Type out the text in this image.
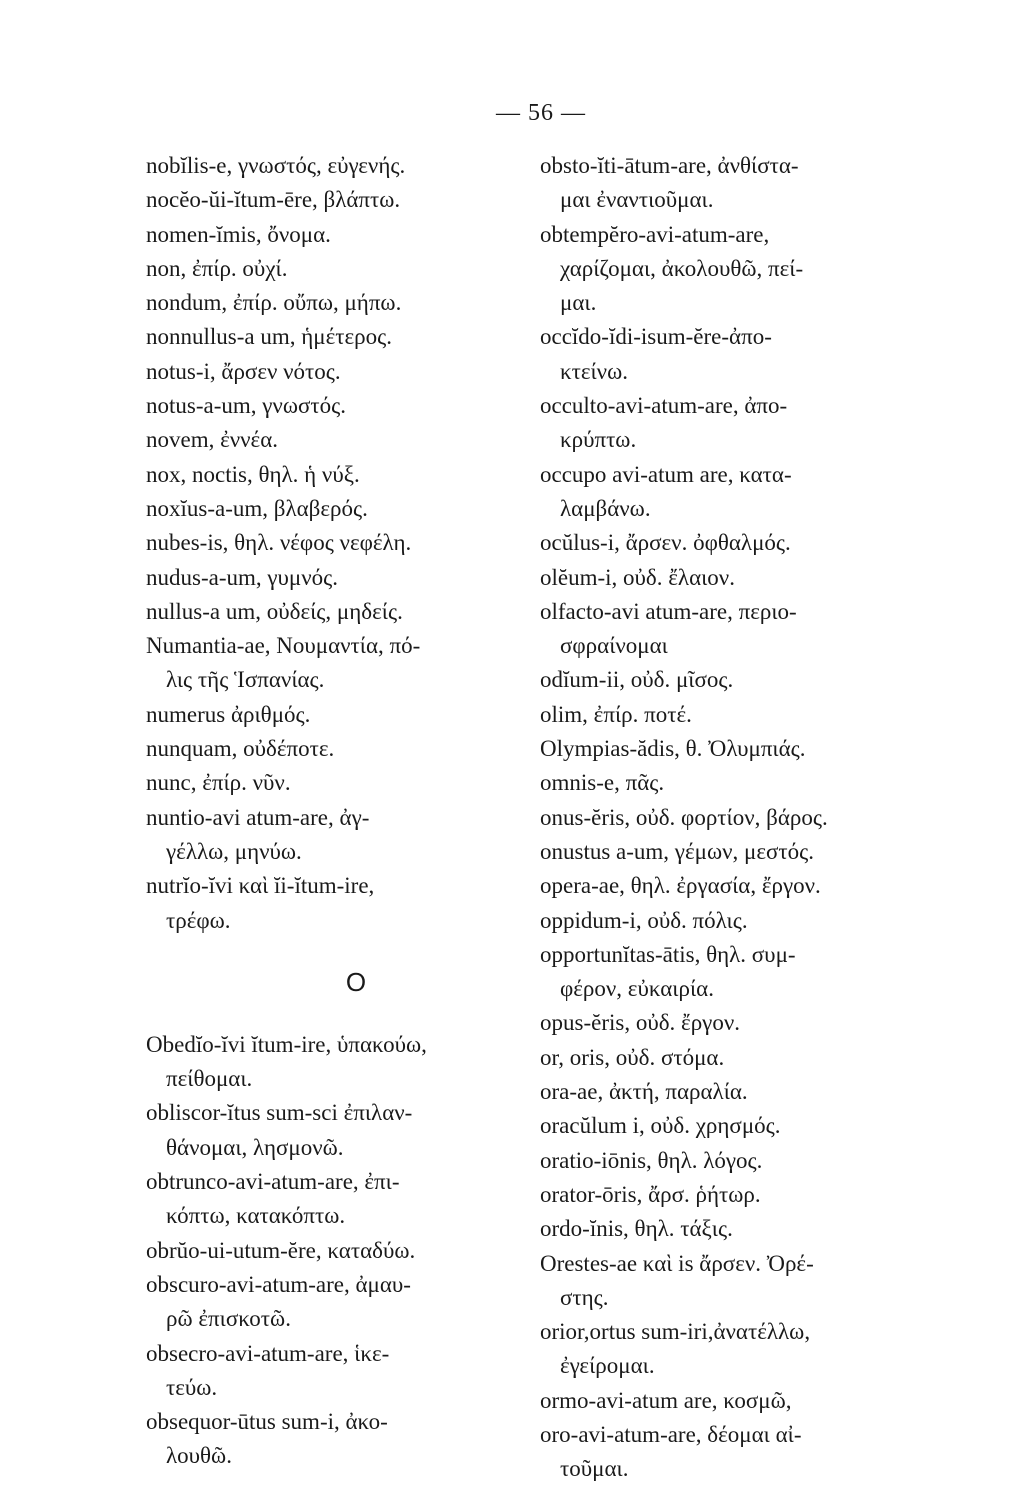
— 56 —
nobĭlis-e, γνωστός, εὐγενής.
nocĕo-ŭi-ĭtum-ēre, βλάπτω.
nomen-ĭmis, ὄνομα.
non, ἐπίρ. οὐχί.
nondum, ἐπίρ. οὔπω, μήπω.
nonnullus-a um, ἡμέτερος.
notus-i, ἄρσεν νότος.
notus-a-um, γνωστός.
novem, ἐννέα.
nox, noctis, θηλ. ἡ νύξ.
noxĭus-a-um, βλαβερός.
nubes-is, θηλ. νέφος νεφέλη.
nudus-a-um, γυμνός.
nullus-a um, οὐδείς, μηδείς.
Numantia-ae, Νουμαντία, πό-
λις τῆς Ἱσπανίας.
numerus ἀριθμός.
nunquam, οὐδέποτε.
nunc, ἐπίρ. νῦν.
nuntio-avi atum-are, ἀγ-
γέλλω, μηνύω.
nutrĭo-ĭvi καὶ ĭi-ĭtum-ire,
τρέφω.
O
Obedĭo-ĭvi ĭtum-ire, ὑπακούω,
πείθομαι.
obliscor-ĭtus sum-sci ἐπιλαν-
θάνομαι, λησμονῶ.
obtrunco-avi-atum-are, ἐπι-
κόπτω, κατακόπτω.
obrŭo-ui-utum-ĕre, καταδύω.
obscuro-avi-atum-are, ἀμαυ-
ρῶ ἐπισκοτῶ.
obsecro-avi-atum-are, ἱκε-
τεύω.
obsequor-ūtus sum-i, ἀκο-
λουθῶ.
obsto-ĭti-ātum-are, ἀνθίστα-
μαι ἐναντιοῦμαι.
obtempĕro-avi-atum-are,
χαρίζομαι, ἀκολουθῶ, πεί-
μαι.
occĭdo-ĭdi-isum-ĕre-ἀπο-
κτείνω.
occulto-avi-atum-are, ἀπο-
κρύπτω.
occupo avi-atum are, κατα-
λαμβάνω.
ocŭlus-i, ἄρσεν. ὀφθαλμός.
olĕum-i, οὐδ. ἔλαιον.
olfacto-avi atum-are, περιο-
σφραίνομαι
odĭum-ii, οὐδ. μῖσος.
olim, ἐπίρ. ποτέ.
Olympias-ădis, θ. Ὀλυμπιάς.
omnis-e, πᾶς.
onus-ĕris, οὐδ. φορτίον, βάρος.
onustus a-um, γέμων, μεστός.
opera-ae, θηλ. ἐργασία, ἔργον.
oppidum-i, οὐδ. πόλις.
opportunĭtas-ātis, θηλ. συμ-
φέρον, εὐκαιρία.
opus-ĕris, οὐδ. ἔργον.
or, oris, οὐδ. στόμα.
ora-ae, ἀκτή, παραλία.
oracŭlum i, οὐδ. χρησμός.
oratio-iōnis, θηλ. λόγος.
orator-ōris, ἄρσ. ῥήτωρ.
ordo-ĭnis, θηλ. τάξις.
Orestes-ae καὶ is ἄρσεν. Ὀρέ-
στης.
orior,ortus sum-iri,ἀνατέλλω,
ἐγείρομαι.
ormo-avi-atum are, κοσμῶ,
oro-avi-atum-are, δέομαι αἰ-
τοῦμαι.
